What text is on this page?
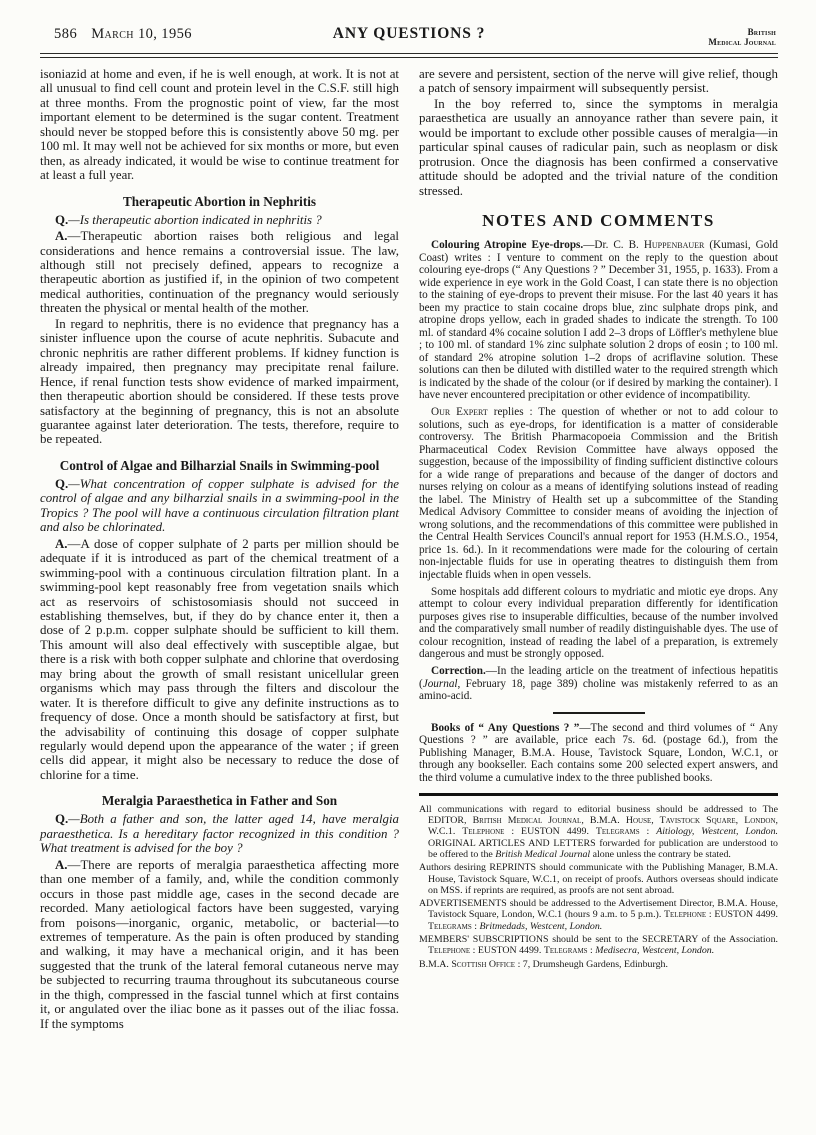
586 March 10, 1956	ANY QUESTIONS ?	British
Medical Journal

isoniazid at home and even, if he is well enough, at work. It is not at all unusual to find cell count and protein level in the C.S.F. still high at three months. From the prognostic point of view, far the most important element to be determined is the sugar content. Treatment should never be stopped before this is consistently above 50 mg. per 100 ml. It may well not be achieved for six months or more, but even then, as already indicated, it would be wise to continue treatment for at least a full year.

Therapeutic Abortion in Nephritis

Q.—Is therapeutic abortion indicated in nephritis ?

A.—Therapeutic abortion raises both religious and legal considerations and hence remains a controversial issue. The law, although still not precisely defined, appears to recognize a therapeutic abortion as justified if, in the opinion of two competent medical authorities, continuation of the pregnancy would seriously threaten the physical or mental health of the mother.

In regard to nephritis, there is no evidence that pregnancy has a sinister influence upon the course of acute nephritis. Subacute and chronic nephritis are rather different problems. If kidney function is already impaired, then pregnancy may precipitate renal failure. Hence, if renal function tests show evidence of marked impairment, then therapeutic abortion should be considered. If these tests prove satisfactory at the beginning of pregnancy, this is not an absolute guarantee against later deterioration. The tests, therefore, require to be repeated.

Control of Algae and Bilharzial Snails in Swimming-pool

Q.—What concentration of copper sulphate is advised for the control of algae and any bilharzial snails in a swimming-pool in the Tropics ? The pool will have a continuous circulation filtration plant and also be chlorinated.

A.—A dose of copper sulphate of 2 parts per million should be adequate if it is introduced as part of the chemical treatment of a swimming-pool with a continuous circulation filtration plant. In a swimming-pool kept reasonably free from vegetation snails which act as reservoirs of schistosomiasis should not succeed in establishing themselves, but, if they do by chance enter it, then a dose of 2 p.p.m. copper sulphate should be sufficient to kill them. This amount will also deal effectively with susceptible algae, but there is a risk with both copper sulphate and chlorine that overdosing may bring about the growth of small resistant unicellular green organisms which may pass through the filters and discolour the water. It is therefore difficult to give any definite instructions as to frequency of dose. Once a month should be satisfactory at first, but the advisability of continuing this dosage of copper sulphate regularly would depend upon the appearance of the water ; if green cells did appear, it might also be necessary to reduce the dose of chlorine for a time.

Meralgia Paraesthetica in Father and Son

Q.—Both a father and son, the latter aged 14, have meralgia paraesthetica. Is a hereditary factor recognized in this condition ? What treatment is advised for the boy ?

A.—There are reports of meralgia paraesthetica affecting more than one member of a family, and, while the condition commonly occurs in those past middle age, cases in the second decade are recorded. Many aetiological factors have been suggested, varying from poisons—inorganic, organic, metabolic, or bacterial—to extremes of temperature. As the pain is often produced by standing and walking, it may have a mechanical origin, and it has been suggested that the trunk of the lateral femoral cutaneous nerve may be subjected to recurring trauma throughout its subcutaneous course in the thigh, compressed in the fascial tunnel which at first contains it, or angulated over the iliac bone as it passes out of the iliac fossa. If the symptoms

are severe and persistent, section of the nerve will give relief, though a patch of sensory impairment will subsequently persist.

In the boy referred to, since the symptoms in meralgia paraesthetica are usually an annoyance rather than severe pain, it would be important to exclude other possible causes of meralgia—in particular spinal causes of radicular pain, such as neoplasm or disk protrusion. Once the diagnosis has been confirmed a conservative attitude should be adopted and the trivial nature of the condition stressed.

NOTES AND COMMENTS

Colouring Atropine Eye-drops.—Dr. C. B. Huppenbauer (Kumasi, Gold Coast) writes : I venture to comment on the reply to the question about colouring eye-drops (“ Any Questions ? ” December 31, 1955, p. 1633). From a wide experience in eye work in the Gold Coast, I can state there is no objection to the staining of eye-drops to prevent their misuse. For the last 40 years it has been my practice to stain cocaine drops blue, zinc sulphate drops pink, and atropine drops yellow, each in graded shades to indicate the strength. To 100 ml. of standard 4% cocaine solution I add 2–3 drops of Löffler's methylene blue ; to 100 ml. of standard 1% zinc sulphate solution 2 drops of eosin ; to 100 ml. of standard 2% atropine solution 1–2 drops of acriflavine solution. These solutions can then be diluted with distilled water to the required strength which is indicated by the shade of the colour (or if desired by marking the container). I have never encountered precipitation or other evidence of incompatibility.

Our Expert replies : The question of whether or not to add colour to solutions, such as eye-drops, for identification is a matter of considerable controversy. The British Pharmacopoeia Commission and the British Pharmaceutical Codex Revision Committee have always opposed the suggestion, because of the impossibility of finding sufficient distinctive colours for a wide range of preparations and because of the danger of doctors and nurses relying on colour as a means of identifying solutions instead of reading the label. The Ministry of Health set up a subcommittee of the Standing Medical Advisory Committee to consider means of avoiding the injection of wrong solutions, and the recommendations of this committee were published in the Central Health Services Council's annual report for 1953 (H.M.S.O., 1954, price 1s. 6d.). In it recommendations were made for the colouring of certain non-injectable fluids for use in operating theatres to distinguish them from injectable fluids when in open vessels.

Some hospitals add different colours to mydriatic and miotic eye drops. Any attempt to colour every individual preparation differently for identification purposes gives rise to insuperable difficulties, because of the number involved and the comparatively small number of readily distinguishable dyes. The use of colour recognition, instead of reading the label of a preparation, is extremely dangerous and must be strongly opposed.

Correction.—In the leading article on the treatment of infectious hepatitis (Journal, February 18, page 389) choline was mistakenly referred to as an amino-acid.

Books of “ Any Questions ? ”—The second and third volumes of “ Any Questions ? ” are available, price each 7s. 6d. (postage 6d.), from the Publishing Manager, B.M.A. House, Tavistock Square, London, W.C.1, or through any bookseller. Each contains some 200 selected expert answers, and the third volume a cumulative index to the three published books.

All communications with regard to editorial business should be addressed to The EDITOR, British Medical Journal, B.M.A. House, Tavistock Square, London, W.C.1. Telephone : EUSTON 4499. Telegrams : Aitiology, Westcent, London. ORIGINAL ARTICLES AND LETTERS forwarded for publication are understood to be offered to the British Medical Journal alone unless the contrary be stated.

Authors desiring REPRINTS should communicate with the Publishing Manager, B.M.A. House, Tavistock Square, W.C.1, on receipt of proofs. Authors overseas should indicate on MSS. if reprints are required, as proofs are not sent abroad.

ADVERTISEMENTS should be addressed to the Advertisement Director, B.M.A. House, Tavistock Square, London, W.C.1 (hours 9 a.m. to 5 p.m.). Telephone : EUSTON 4499. Telegrams : Britmedads, Westcent, London.

MEMBERS' SUBSCRIPTIONS should be sent to the SECRETARY of the Association. Telephone : EUSTON 4499. Telegrams : Medisecra, Westcent, London.

B.M.A. Scottish Office : 7, Drumsheugh Gardens, Edinburgh.
